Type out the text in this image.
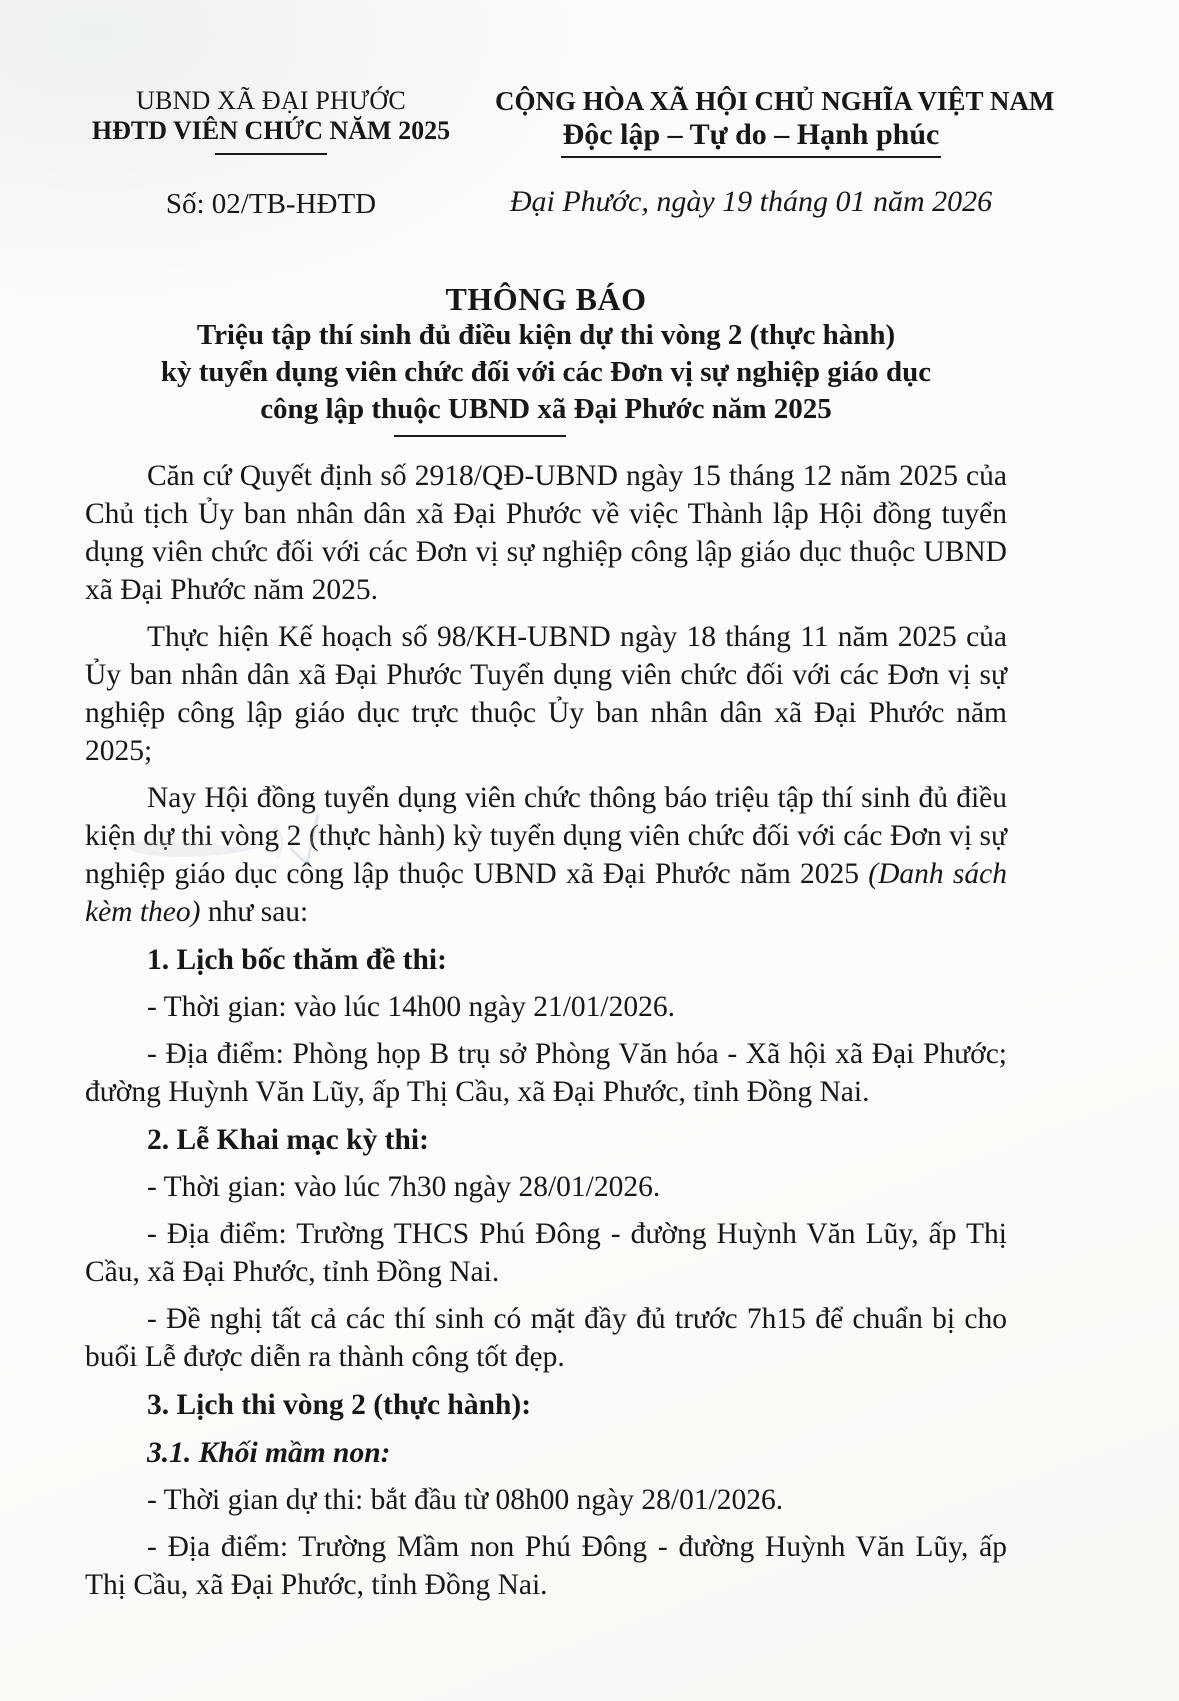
UBND XÃ ĐẠI PHƯỚC
HĐTD VIÊN CHỨC NĂM 2025
Số: 02/TB-HĐTD
CỘNG HÒA XÃ HỘI CHỦ NGHĨA VIỆT NAM
Độc lập – Tự do – Hạnh phúc
Đại Phước, ngày 19 tháng 01 năm 2026
THÔNG BÁO
Triệu tập thí sinh đủ điều kiện dự thi vòng 2 (thực hành)
kỳ tuyển dụng viên chức đối với các Đơn vị sự nghiệp giáo dục
công lập thuộc UBND xã Đại Phước năm 2025

Căn cứ Quyết định số 2918/QĐ-UBND ngày 15 tháng 12 năm 2025 của Chủ tịch Ủy ban nhân dân xã Đại Phước về việc Thành lập Hội đồng tuyển dụng viên chức đối với các Đơn vị sự nghiệp công lập giáo dục thuộc UBND xã Đại Phước năm 2025.

Thực hiện Kế hoạch số 98/KH-UBND ngày 18 tháng 11 năm 2025 của Ủy ban nhân dân xã Đại Phước Tuyển dụng viên chức đối với các Đơn vị sự nghiệp công lập giáo dục trực thuộc Ủy ban nhân dân xã Đại Phước năm 2025;

Nay Hội đồng tuyển dụng viên chức thông báo triệu tập thí sinh đủ điều kiện dự thi vòng 2 (thực hành) kỳ tuyển dụng viên chức đối với các Đơn vị sự nghiệp giáo dục công lập thuộc UBND xã Đại Phước năm 2025 (Danh sách kèm theo) như sau:

1. Lịch bốc thăm đề thi:

- Thời gian: vào lúc 14h00 ngày 21/01/2026.

- Địa điểm: Phòng họp B trụ sở Phòng Văn hóa - Xã hội xã Đại Phước; đường Huỳnh Văn Lũy, ấp Thị Cầu, xã Đại Phước, tỉnh Đồng Nai.

2. Lễ Khai mạc kỳ thi:

- Thời gian: vào lúc 7h30 ngày 28/01/2026.

- Địa điểm: Trường THCS Phú Đông - đường Huỳnh Văn Lũy, ấp Thị Cầu, xã Đại Phước, tỉnh Đồng Nai.

- Đề nghị tất cả các thí sinh có mặt đầy đủ trước 7h15 để chuẩn bị cho buổi Lễ được diễn ra thành công tốt đẹp.

3. Lịch thi vòng 2 (thực hành):
3.1. Khối mầm non:

- Thời gian dự thi: bắt đầu từ 08h00 ngày 28/01/2026.

- Địa điểm: Trường Mầm non Phú Đông - đường Huỳnh Văn Lũy, ấp Thị Cầu, xã Đại Phước, tỉnh Đồng Nai.
